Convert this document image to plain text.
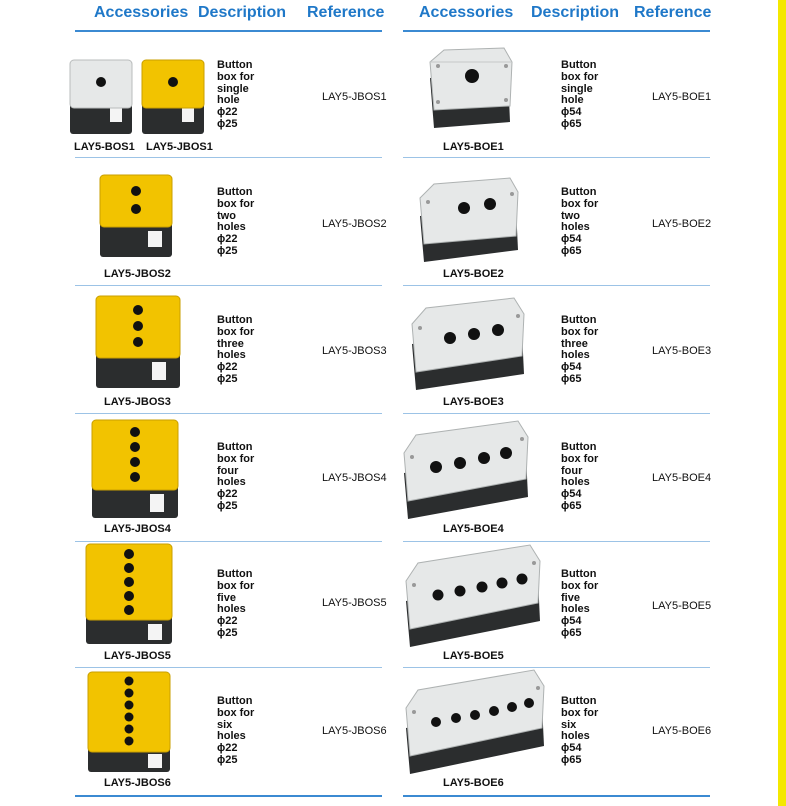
Accessories Description Reference Accessories Description Reference
LAY5-BOS1 LAY5-JBOS1
Button
box for
single
hole
ϕ22
ϕ25
LAY5-JBOS1
LAY5-JBOS2
Button
box for
two
holes
ϕ22
ϕ25
LAY5-JBOS2
LAY5-JBOS3
Button
box for
three
holes
ϕ22
ϕ25
LAY5-JBOS3
LAY5-JBOS4
Button
box for
four
holes
ϕ22
ϕ25
LAY5-JBOS4
LAY5-JBOS5
Button
box for
five
holes
ϕ22
ϕ25
LAY5-JBOS5
LAY5-JBOS6
Button
box for
six
holes
ϕ22
ϕ25
LAY5-JBOS6
LAY5-BOE1
Button
box for
single
hole
ϕ54
ϕ65
LAY5-BOE1
LAY5-BOE2
Button
box for
two
holes
ϕ54
ϕ65
LAY5-BOE2
LAY5-BOE3
Button
box for
three
holes
ϕ54
ϕ65
LAY5-BOE3
LAY5-BOE4
Button
box for
four
holes
ϕ54
ϕ65
LAY5-BOE4
LAY5-BOE5
Button
box for
five
holes
ϕ54
ϕ65
LAY5-BOE5
LAY5-BOE6
Button
box for
six
holes
ϕ54
ϕ65
LAY5-BOE6
